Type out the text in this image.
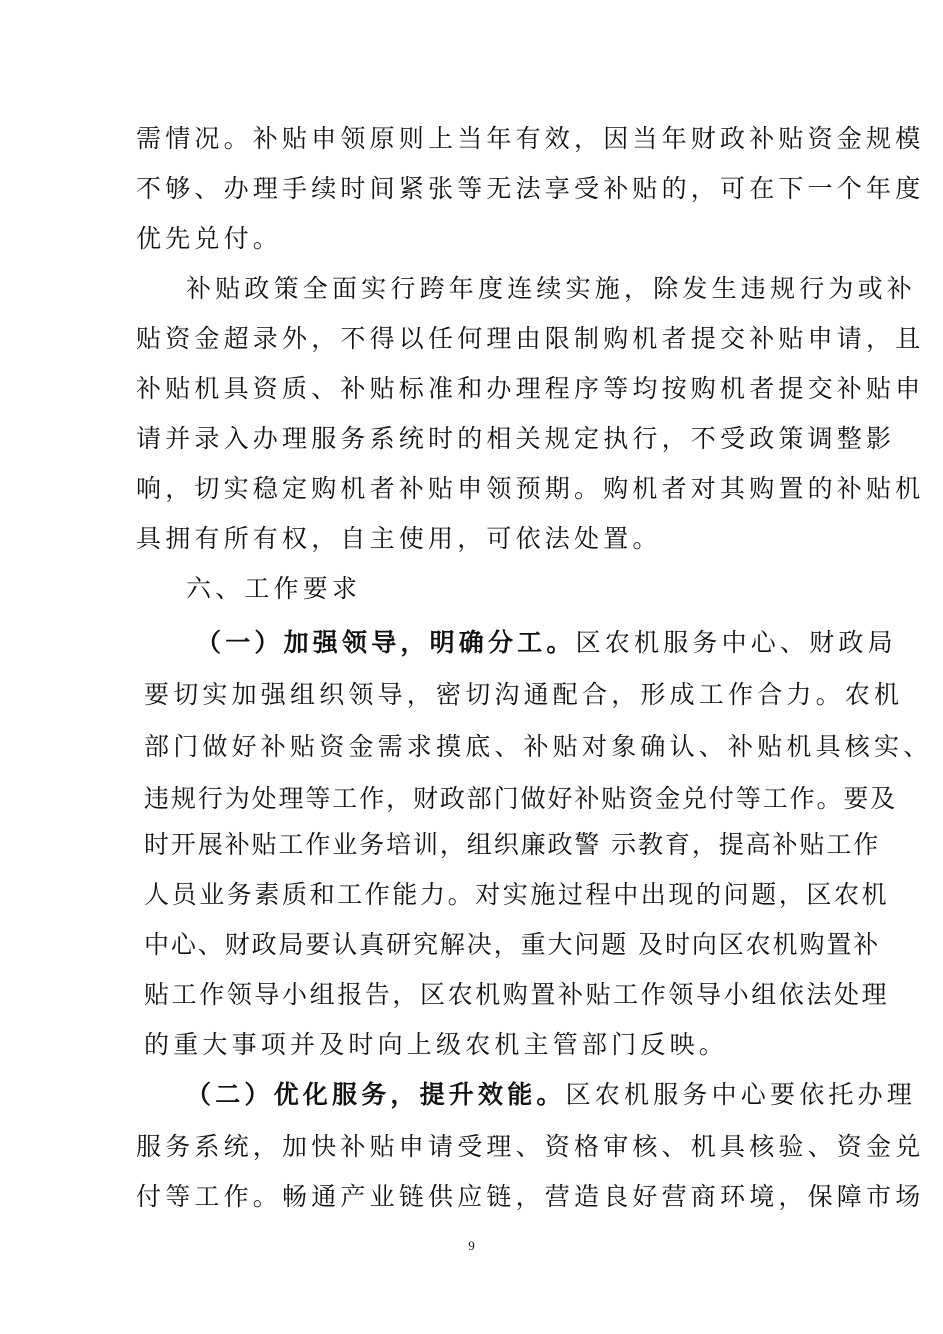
需情况。补贴申领原则上当年有效，因当年财政补贴资金规模
不够、办理手续时间紧张等无法享受补贴的，可在下一个年度
优先兑付。
补贴政策全面实行跨年度连续实施，除发生违规行为或补
贴资金超录外，不得以任何理由限制购机者提交补贴申请，且
补贴机具资质、补贴标准和办理程序等均按购机者提交补贴申
请并录入办理服务系统时的相关规定执行，不受政策调整影
响，切实稳定购机者补贴申领预期。购机者对其购置的补贴机
具拥有所有权，自主使用，可依法处置。
六、工作要求
（一）加强领导，明确分工。区农机服务中心、财政局
要切实加强组织领导，密切沟通配合，形成工作合力。农机
部门做好补贴资金需求摸底、补贴对象确认、补贴机具核实、
违规行为处理等工作，财政部门做好补贴资金兑付等工作。要及
时开展补贴工作业务培训，组织廉政警 示教育，提高补贴工作
人员业务素质和工作能力。对实施过程中出现的问题，区农机
中心、财政局要认真研究解决，重大问题 及时向区农机购置补
贴工作领导小组报告，区农机购置补贴工作领导小组依法处理
的重大事项并及时向上级农机主管部门反映。
（二）优化服务，提升效能。区农机服务中心要依托办理
服务系统，加快补贴申请受理、资格审核、机具核验、资金兑
付等工作。畅通产业链供应链，营造良好营商环境，保障市场
9
